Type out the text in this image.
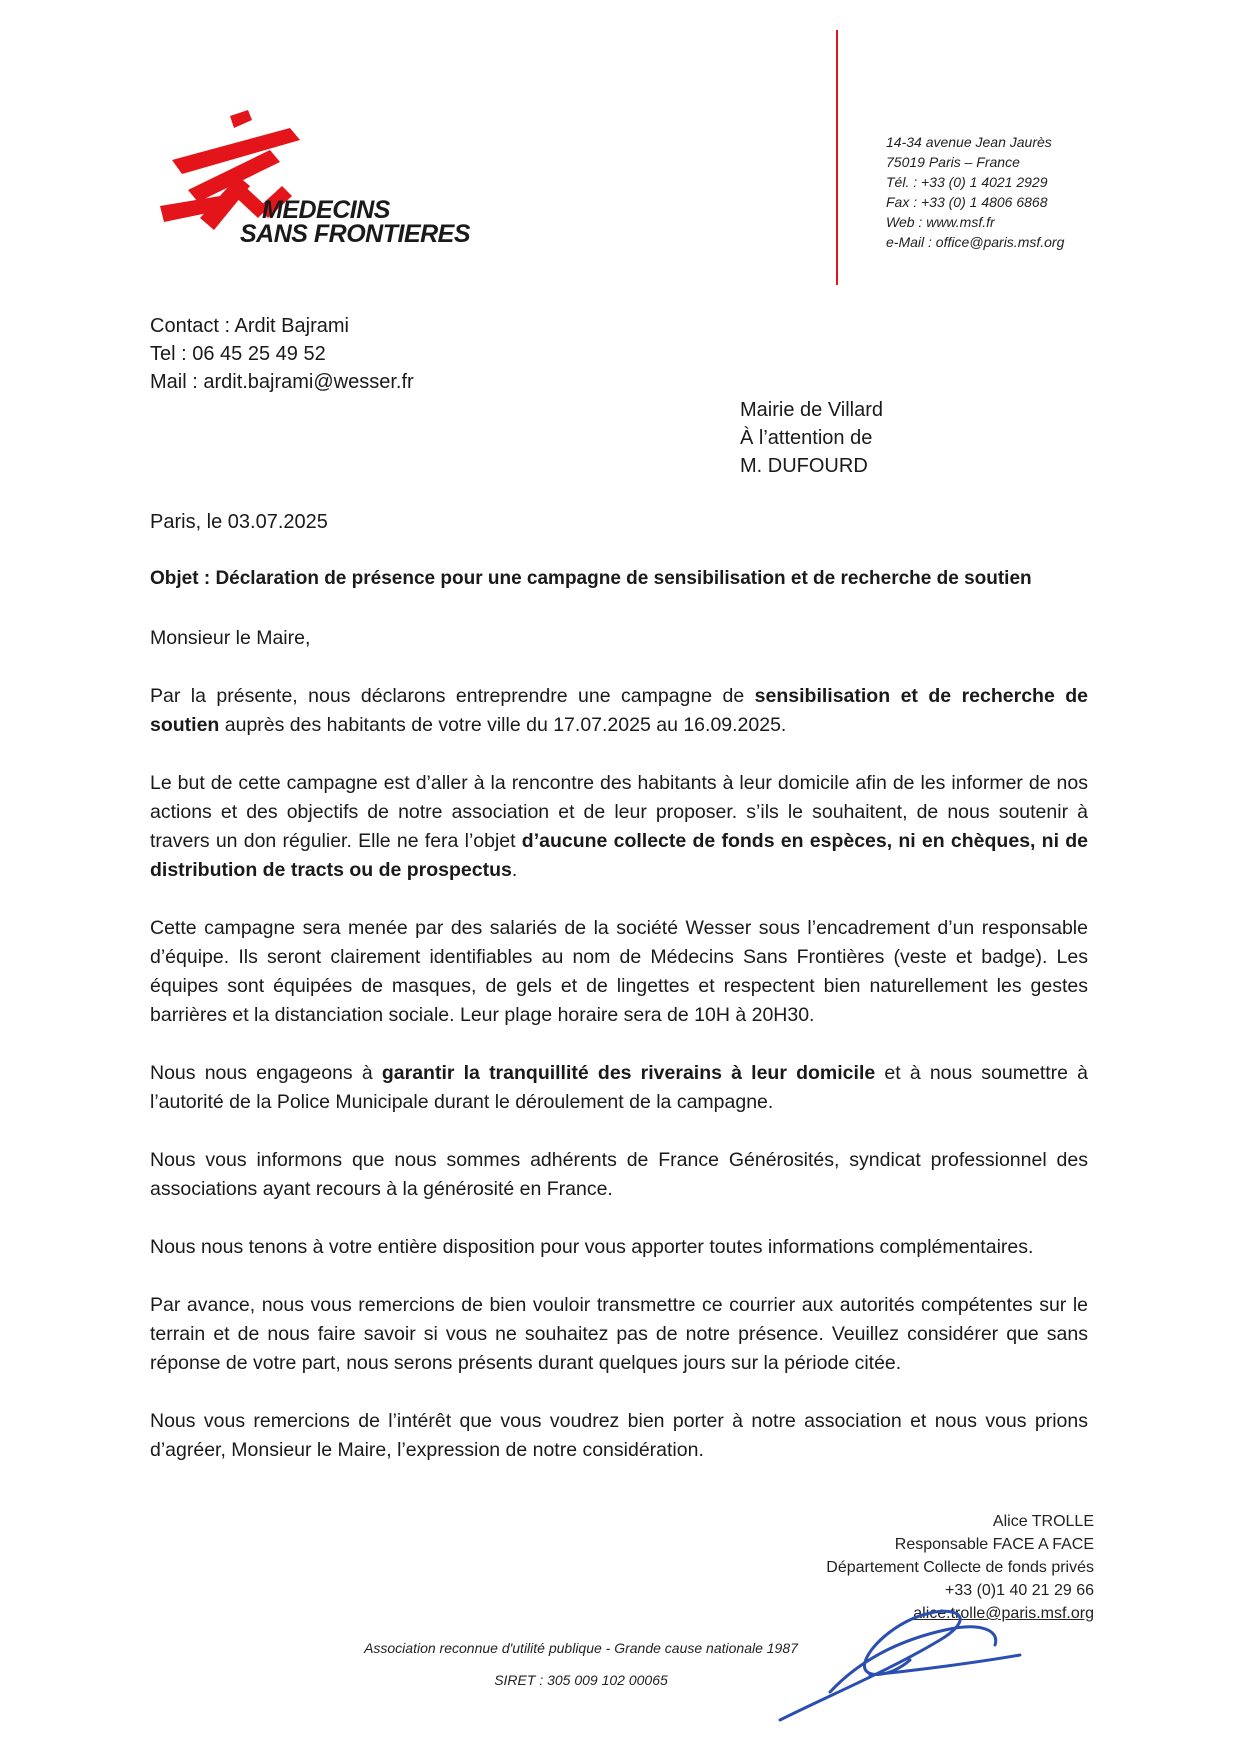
MEDECINS
SANS FRONTIERES
14-34 avenue Jean Jaurès
75019 Paris – France
Tél. : +33 (0) 1 4021 2929
Fax : +33 (0) 1 4806 6868
Web : www.msf.fr
e-Mail : office@paris.msf.org
Contact : Ardit Bajrami
Tel : 06 45 25 49 52
Mail : ardit.bajrami@wesser.fr
Mairie de Villard
À l’attention de
M. DUFOURD
Paris, le 03.07.2025
Objet : Déclaration de présence pour une campagne de sensibilisation et de recherche de soutien

Monsieur le Maire,

Par la présente, nous déclarons entreprendre une campagne de sensibilisation et de recherche de soutien auprès des habitants de votre ville du 17.07.2025 au 16.09.2025.

Le but de cette campagne est d’aller à la rencontre des habitants à leur domicile afin de les informer de nos actions et des objectifs de notre association et de leur proposer. s’ils le souhaitent, de nous soutenir à travers un don régulier. Elle ne fera l’objet d’aucune collecte de fonds en espèces, ni en chèques, ni de distribution de tracts ou de prospectus.

Cette campagne sera menée par des salariés de la société Wesser sous l’encadrement d’un responsable d’équipe. Ils seront clairement identifiables au nom de Médecins Sans Frontières (veste et badge). Les équipes sont équipées de masques, de gels et de lingettes et respectent bien naturellement les gestes barrières et la distanciation sociale. Leur plage horaire sera de 10H à 20H30.

Nous nous engageons à garantir la tranquillité des riverains à leur domicile et à nous soumettre à l’autorité de la Police Municipale durant le déroulement de la campagne.

Nous vous informons que nous sommes adhérents de France Générosités, syndicat professionnel des associations ayant recours à la générosité en France.

Nous nous tenons à votre entière disposition pour vous apporter toutes informations complémentaires.

Par avance, nous vous remercions de bien vouloir transmettre ce courrier aux autorités compétentes sur le terrain et de nous faire savoir si vous ne souhaitez pas de notre présence. Veuillez considérer que sans réponse de votre part, nous serons présents durant quelques jours sur la période citée.

Nous vous remercions de l’intérêt que vous voudrez bien porter à notre association et nous vous prions d’agréer, Monsieur le Maire, l’expression de notre considération.

Alice TROLLE
Responsable FACE A FACE
Département Collecte de fonds privés
+33 (0)1 40 21 29 66
alice.trolle@paris.msf.org
Association reconnue d'utilité publique - Grande cause nationale 1987
SIRET : 305 009 102 00065
